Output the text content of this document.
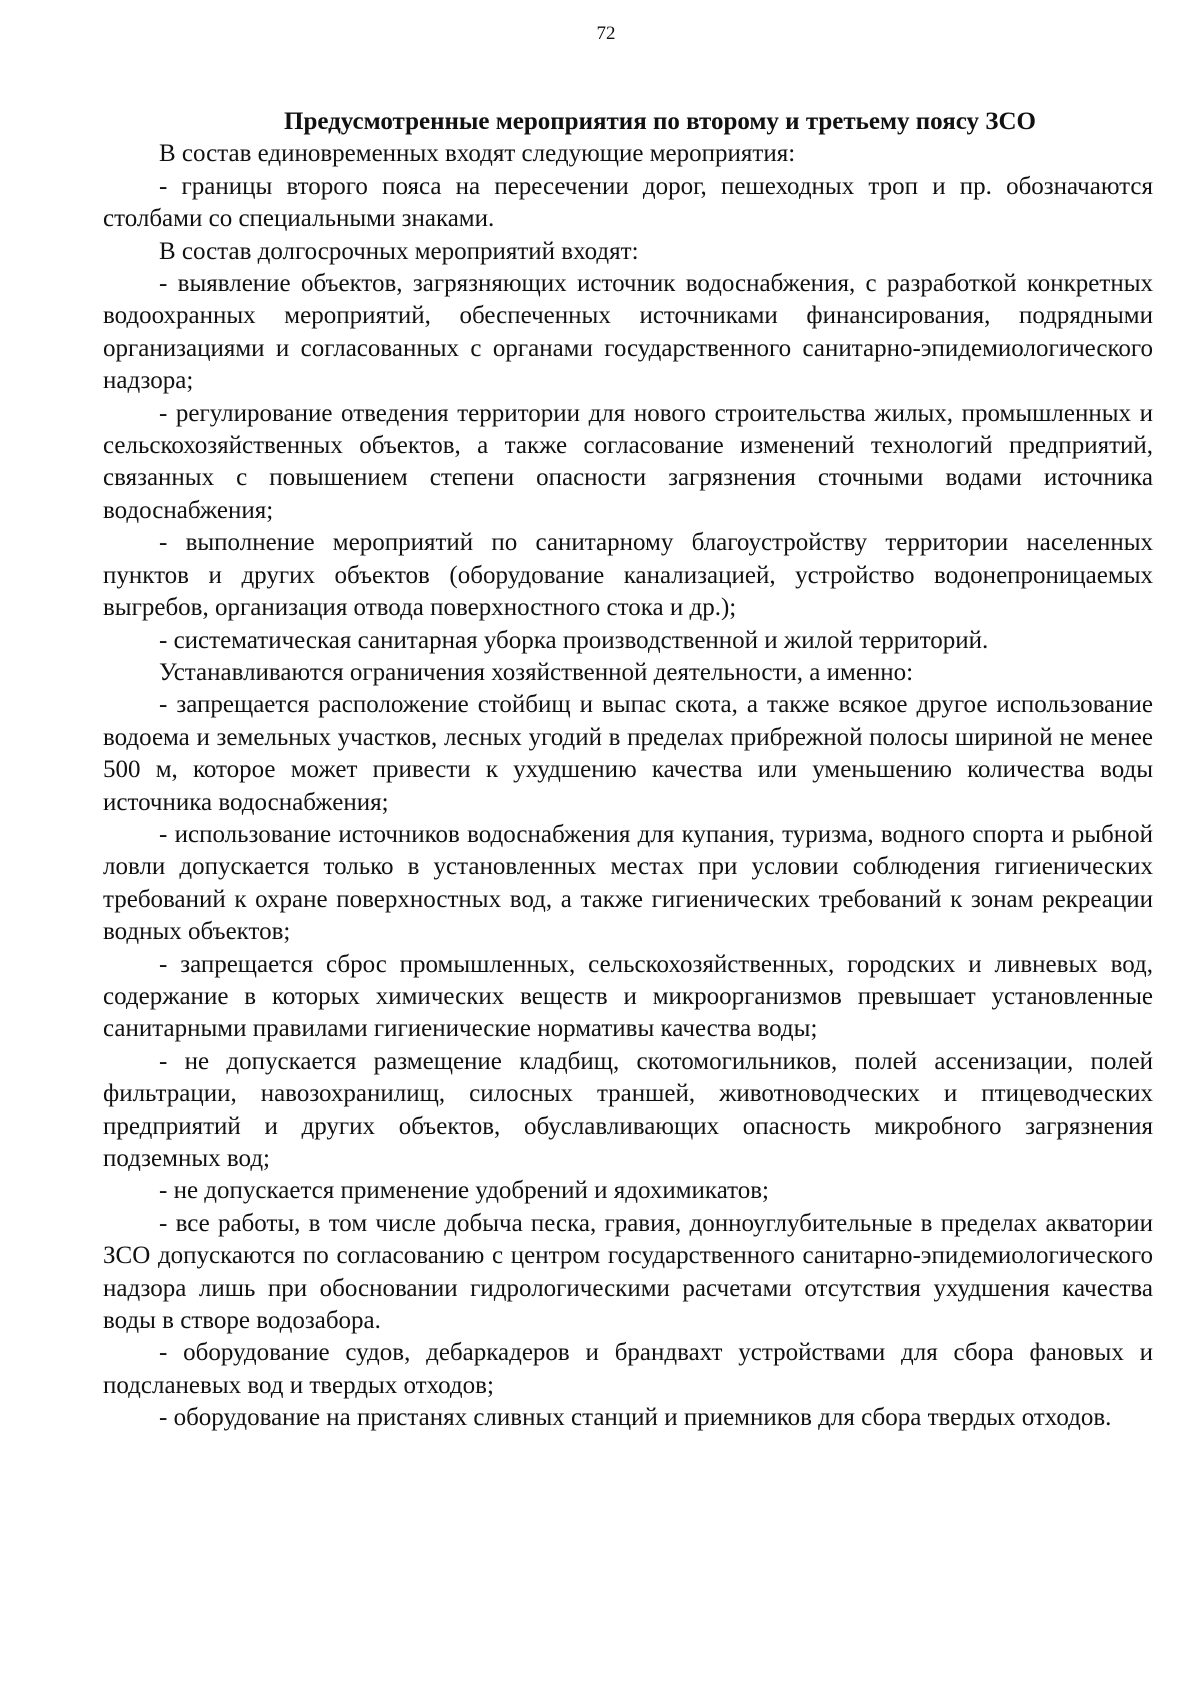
72

Предусмотренные мероприятия по второму и третьему поясу ЗСО

В состав единовременных входят следующие мероприятия:

- границы второго пояса на пересечении дорог, пешеходных троп и пр. обозначаются столбами со специальными знаками.

В состав долгосрочных мероприятий входят:

- выявление объектов, загрязняющих источник водоснабжения, с разработкой конкретных водоохранных мероприятий, обеспеченных источниками финансирования, подрядными организациями и согласованных с органами государственного санитарно-эпидемиологического надзора;

- регулирование отведения территории для нового строительства жилых, промышленных и сельскохозяйственных объектов, а также согласование изменений технологий предприятий, связанных с повышением степени опасности загрязнения сточными водами источника водоснабжения;

- выполнение мероприятий по санитарному благоустройству территории населенных пунктов и других объектов (оборудование канализацией, устройство водонепроницаемых выгребов, организация отвода поверхностного стока и др.);

- систематическая санитарная уборка производственной и жилой территорий.

Устанавливаются ограничения хозяйственной деятельности, а именно:

- запрещается расположение стойбищ и выпас скота, а также всякое другое использование водоема и земельных участков, лесных угодий в пределах прибрежной полосы шириной не менее 500 м, которое может привести к ухудшению качества или уменьшению количества воды источника водоснабжения;

- использование источников водоснабжения для купания, туризма, водного спорта и рыбной ловли допускается только в установленных местах при условии соблюдения гигиенических требований к охране поверхностных вод, а также гигиенических требований к зонам рекреации водных объектов;

- запрещается сброс промышленных, сельскохозяйственных, городских и ливневых вод, содержание в которых химических веществ и микроорганизмов превышает установленные санитарными правилами гигиенические нормативы качества воды;

- не допускается размещение кладбищ, скотомогильников, полей ассенизации, полей фильтрации, навозохранилищ, силосных траншей, животноводческих и птицеводческих предприятий и других объектов, обуславливающих опасность микробного загрязнения подземных вод;

- не допускается применение удобрений и ядохимикатов;

- все работы, в том числе добыча песка, гравия, донноуглубительные в пределах акватории ЗСО допускаются по согласованию с центром государственного санитарно-эпидемиологического надзора лишь при обосновании гидрологическими расчетами отсутствия ухудшения качества воды в створе водозабора.

- оборудование судов, дебаркадеров и брандвахт устройствами для сбора фановых и подсланевых вод и твердых отходов;

- оборудование на пристанях сливных станций и приемников для сбора твердых отходов.
